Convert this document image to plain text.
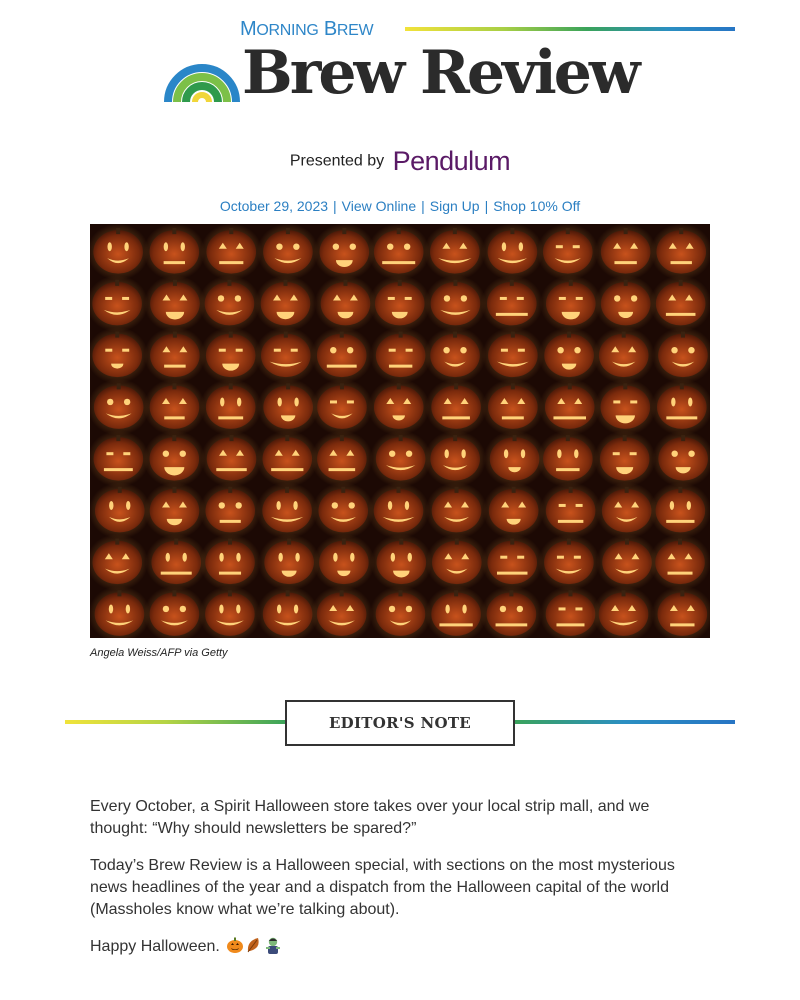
MORNING BREW
Brew Review
Presented by Pendulum
October 29, 2023 | View Online | Sign Up | Shop 10% Off
Angela Weiss/AFP via Getty
EDITOR'S NOTE

Every October, a Spirit Halloween store takes over your local strip mall, and we thought: “Why should newsletters be spared?”

Today’s Brew Review is a Halloween special, with sections on the most mysterious news headlines of the year and a dispatch from the Halloween capital of the world (Massholes know what we’re talking about).

Happy Halloween.
